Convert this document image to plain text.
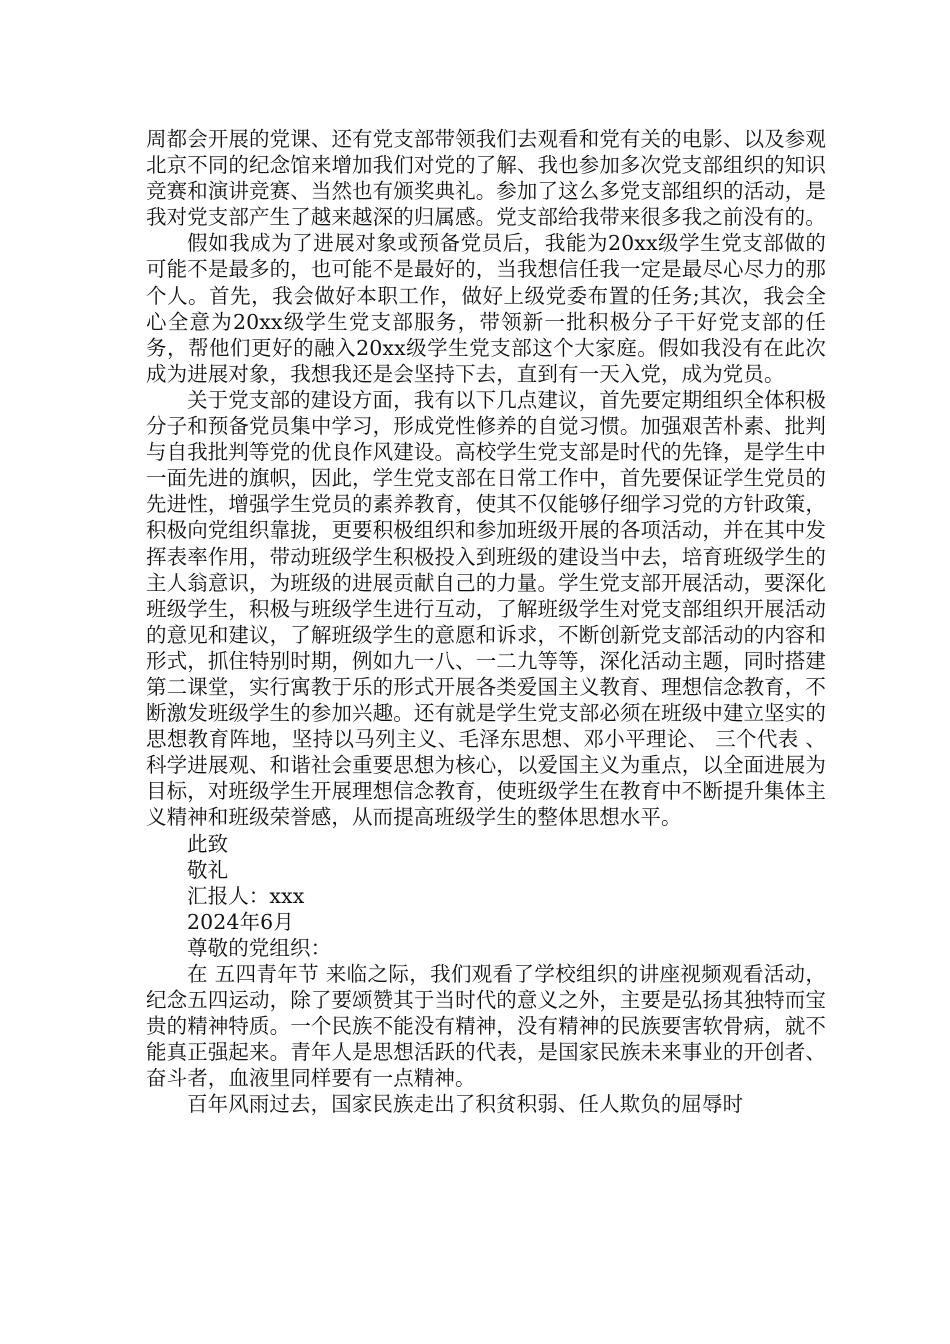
周都会开展的党课、还有党支部带领我们去观看和党有关的电影、以及参观北京不同的纪念馆来增加我们对党的了解、我也参加多次党支部组织的知识竞赛和演讲竞赛、当然也有颁奖典礼。参加了这么多党支部组织的活动，是我对党支部产生了越来越深的归属感。党支部给我带来很多我之前没有的。

假如我成为了进展对象或预备党员后，我能为20xx级学生党支部做的可能不是最多的，也可能不是最好的，当我想信任我一定是最尽心尽力的那个人。首先，我会做好本职工作，做好上级党委布置的任务;其次，我会全心全意为20xx级学生党支部服务，带领新一批积极分子干好党支部的任务，帮他们更好的融入20xx级学生党支部这个大家庭。假如我没有在此次成为进展对象，我想我还是会坚持下去，直到有一天入党，成为党员。

关于党支部的建设方面，我有以下几点建议，首先要定期组织全体积极分子和预备党员集中学习，形成党性修养的自觉习惯。加强艰苦朴素、批判与自我批判等党的优良作风建设。高校学生党支部是时代的先锋，是学生中一面先进的旗帜，因此，学生党支部在日常工作中，首先要保证学生党员的先进性，增强学生党员的素养教育，使其不仅能够仔细学习党的方针政策，积极向党组织靠拢，更要积极组织和参加班级开展的各项活动，并在其中发挥表率作用，带动班级学生积极投入到班级的建设当中去，培育班级学生的主人翁意识，为班级的进展贡献自己的力量。学生党支部开展活动，要深化班级学生，积极与班级学生进行互动，了解班级学生对党支部组织开展活动的意见和建议，了解班级学生的意愿和诉求，不断创新党支部活动的内容和形式，抓住特别时期，例如九一八、一二九等等，深化活动主题，同时搭建第二课堂，实行寓教于乐的形式开展各类爱国主义教育、理想信念教育，不断激发班级学生的参加兴趣。还有就是学生党支部必须在班级中建立坚实的思想教育阵地，坚持以马列主义、毛泽东思想、邓小平理论、 三个代表 、科学进展观、和谐社会重要思想为核心，以爱国主义为重点，以全面进展为目标，对班级学生开展理想信念教育，使班级学生在教育中不断提升集体主义精神和班级荣誉感，从而提高班级学生的整体思想水平。

此致
敬礼
汇报人：xxx
2024年6月
尊敬的党组织：

在 五四青年节 来临之际，我们观看了学校组织的讲座视频观看活动，纪念五四运动，除了要颂赞其于当时代的意义之外，主要是弘扬其独特而宝贵的精神特质。一个民族不能没有精神，没有精神的民族要害软骨病，就不能真正强起来。青年人是思想活跃的代表，是国家民族未来事业的开创者、奋斗者，血液里同样要有一点精神。

百年风雨过去，国家民族走出了积贫积弱、任人欺负的屈辱时
